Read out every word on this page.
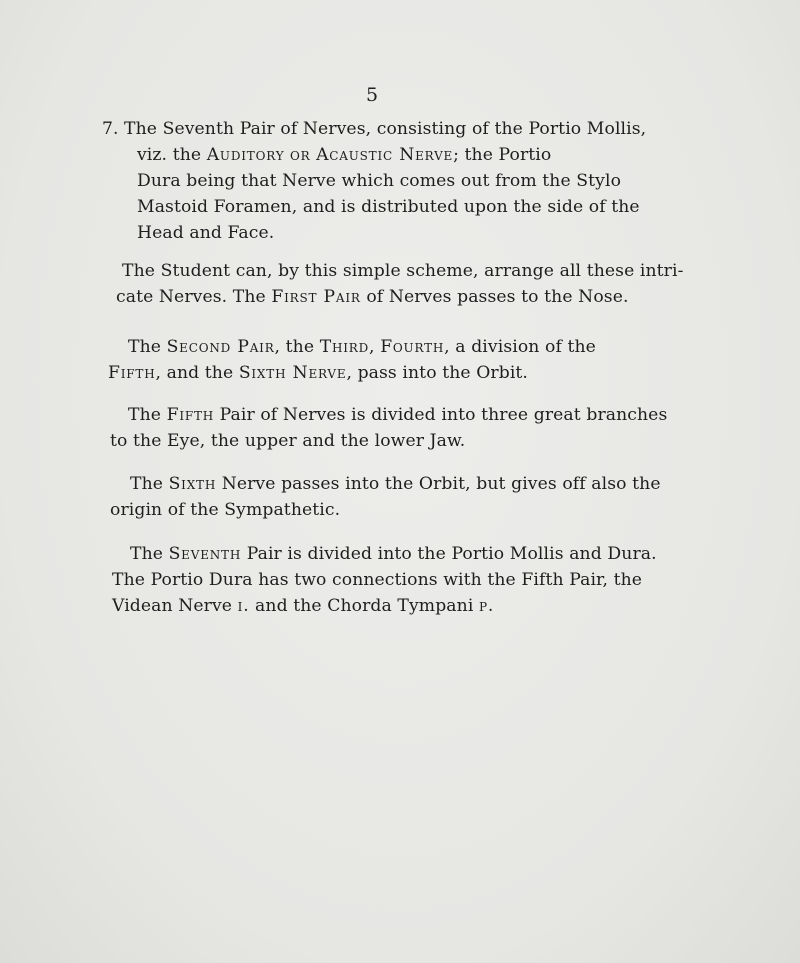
5
7. The Seventh Pair of Nerves, consisting of the Portio Mollis,
viz. the Auditory or Acaustic Nerve; the Portio
Dura being that Nerve which comes out from the Stylo
Mastoid Foramen, and is distributed upon the side of the
Head and Face.
The Student can, by this simple scheme, arrange all these intri-
cate Nerves. The First Pair of Nerves passes to the Nose.
The Second Pair, the Third, Fourth, a division of the
Fifth, and the Sixth Nerve, pass into the Orbit.
The Fifth Pair of Nerves is divided into three great branches
to the Eye, the upper and the lower Jaw.
The Sixth Nerve passes into the Orbit, but gives off also the
origin of the Sympathetic.
The Seventh Pair is divided into the Portio Mollis and Dura.
The Portio Dura has two connections with the Fifth Pair, the
Videan Nerve i. and the Chorda Tympani p.
